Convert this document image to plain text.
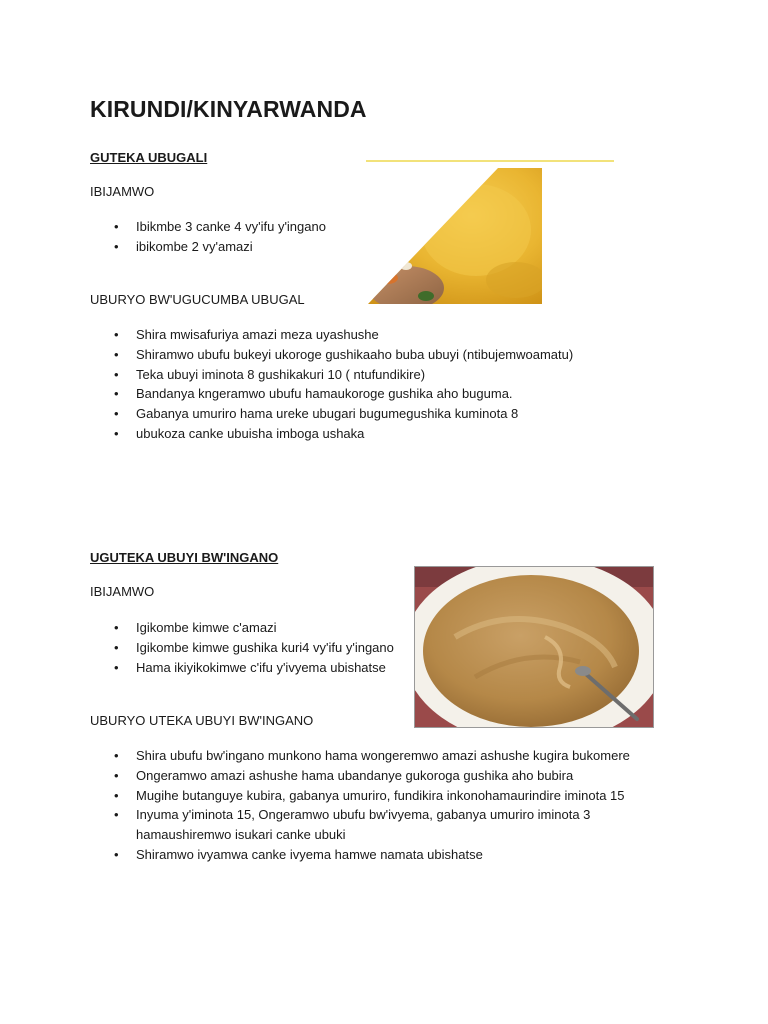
KIRUNDI/KINYARWANDA

GUTEKA UBUGALI

IBIJAMWO

• Ibikmbe 3 canke 4 vy'ifu y'ingano
• ibikombe 2 vy'amazi

UBURYO BW'UGUCUMBA UBUGAL

• Shira mwisafuriya amazi meza uyashushe
• Shiramwo ubufu bukeyi ukoroge gushikaaho buba ubuyi (ntibujemwoamatu)
• Teka ubuyi iminota 8 gushikakuri 10 ( ntufundikire)
• Bandanya kngeramwo ubufu hamaukoroge gushika aho buguma.
• Gabanya umuriro hama ureke ubugari bugumegushika kuminota 8
• ubukoza canke ubuisha imboga ushaka

UGUTEKA UBUYI BW'INGANO

IBIJAMWO

• Igikombe kimwe c'amazi
• Igikombe kimwe gushika kuri4 vy'ifu y'ingano
• Hama ikiyikokimwe c'ifu y'ivyema ubishatse

UBURYO UTEKA UBUYI BW'INGANO

• Shira ubufu bw'ingano munkono hama wongeremwo amazi ashushe kugira bukomere
• Ongeramwo amazi ashushe hama ubandanye gukoroga gushika aho bubira
• Mugihe butanguye kubira, gabanya umuriro, fundikira inkonohamaurindire iminota 15
• Inyuma y'iminota 15, Ongeramwo ubufu bw'ivyema, gabanya umuriro iminota 3 hamaushiremwo isukari canke ubuki
• Shiramwo ivyamwa canke ivyema hamwe namata ubishatse
